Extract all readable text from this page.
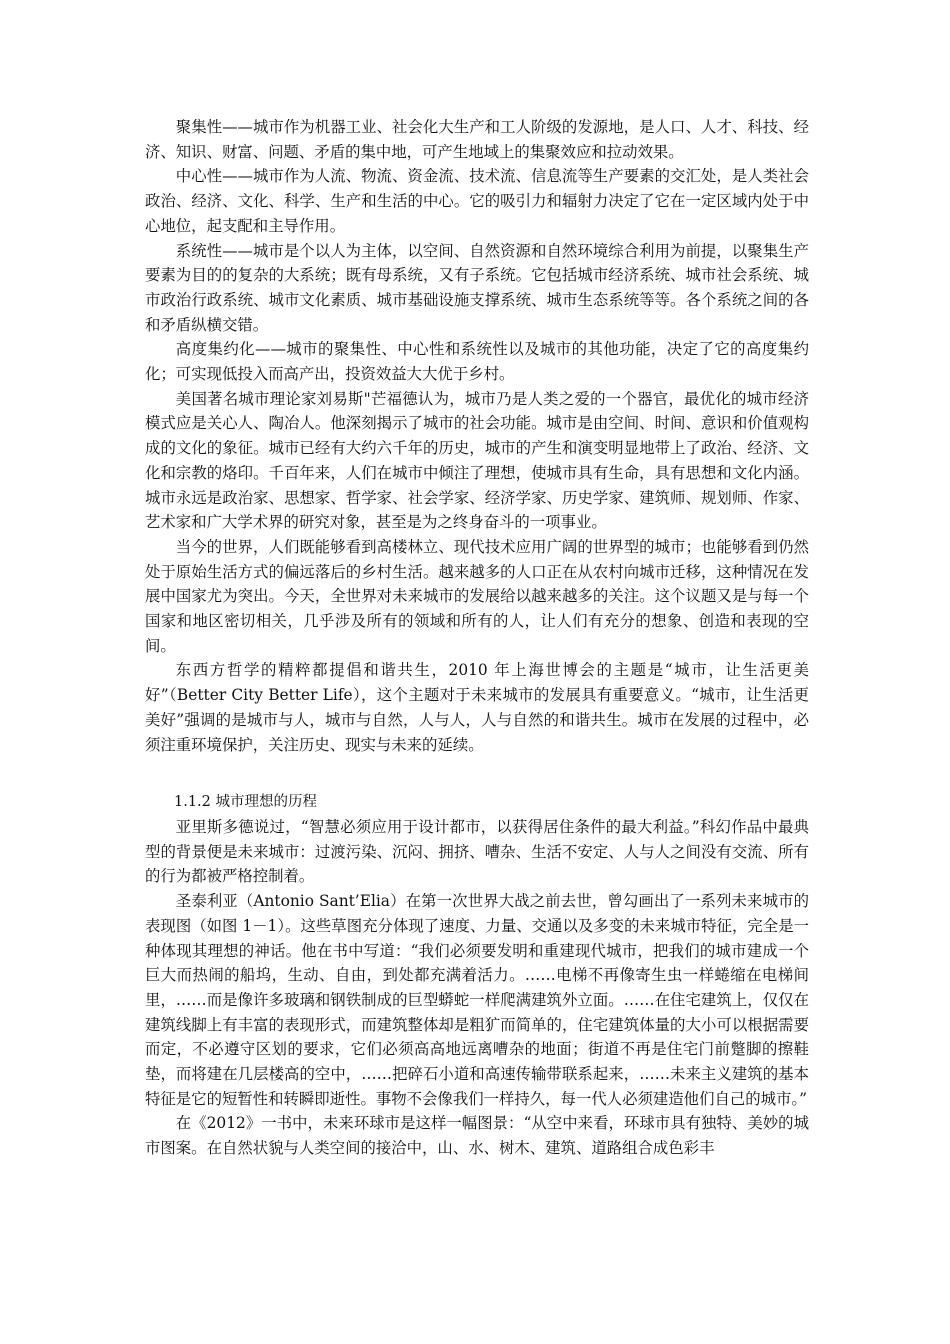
聚集性——城市作为机器工业、社会化大生产和工人阶级的发源地，是人口、人才、科技、经济、知识、财富、问题、矛盾的集中地，可产生地域上的集聚效应和拉动效果。

中心性——城市作为人流、物流、资金流、技术流、信息流等生产要素的交汇处，是人类社会政治、经济、文化、科学、生产和生活的中心。它的吸引力和辐射力决定了它在一定区域内处于中心地位，起支配和主导作用。

系统性——城市是个以人为主体，以空间、自然资源和自然环境综合利用为前提，以聚集生产要素为目的的复杂的大系统；既有母系统，又有子系统。它包括城市经济系统、城市社会系统、城市政治行政系统、城市文化素质、城市基础设施支撑系统、城市生态系统等等。各个系统之间的各和矛盾纵横交错。

高度集约化——城市的聚集性、中心性和系统性以及城市的其他功能，决定了它的高度集约化；可实现低投入而高产出，投资效益大大优于乡村。

美国著名城市理论家刘易斯"芒福德认为，城市乃是人类之爱的一个器官，最优化的城市经济模式应是关心人、陶冶人。他深刻揭示了城市的社会功能。城市是由空间、时间、意识和价值观构成的文化的象征。城市已经有大约六千年的历史，城市的产生和演变明显地带上了政治、经济、文化和宗教的烙印。千百年来，人们在城市中倾注了理想，使城市具有生命，具有思想和文化内涵。城市永远是政治家、思想家、哲学家、社会学家、经济学家、历史学家、建筑师、规划师、作家、艺术家和广大学术界的研究对象，甚至是为之终身奋斗的一项事业。

当今的世界，人们既能够看到高楼林立、现代技术应用广阔的世界型的城市；也能够看到仍然处于原始生活方式的偏远落后的乡村生活。越来越多的人口正在从农村向城市迁移，这种情况在发展中国家尤为突出。今天，全世界对未来城市的发展给以越来越多的关注。这个议题又是与每一个国家和地区密切相关，几乎涉及所有的领域和所有的人，让人们有充分的想象、创造和表现的空间。

东西方哲学的精粹都提倡和谐共生，2010 年上海世博会的主题是“城市，让生活更美好”（Better City Better Life），这个主题对于未来城市的发展具有重要意义。“城市，让生活更美好”强调的是城市与人，城市与自然，人与人，人与自然的和谐共生。城市在发展的过程中，必须注重环境保护，关注历史、现实与未来的延续。

1.1.2 城市理想的历程

亚里斯多德说过，“智慧必须应用于设计都市，以获得居住条件的最大利益。”科幻作品中最典型的背景便是未来城市：过渡污染、沉闷、拥挤、嘈杂、生活不安定、人与人之间没有交流、所有的行为都被严格控制着。

圣泰利亚（Antonio Sant’Elia）在第一次世界大战之前去世，曾勾画出了一系列未来城市的表现图（如图 1－1）。这些草图充分体现了速度、力量、交通以及多变的未来城市特征，完全是一种体现其理想的神话。他在书中写道：“我们必须要发明和重建现代城市，把我们的城市建成一个巨大而热闹的船坞，生动、自由，到处都充满着活力。……电梯不再像寄生虫一样蜷缩在电梯间里，……而是像许多玻璃和钢铁制成的巨型蟒蛇一样爬满建筑外立面。……在住宅建筑上，仅仅在建筑线脚上有丰富的表现形式，而建筑整体却是粗犷而简单的，住宅建筑体量的大小可以根据需要而定，不必遵守区划的要求，它们必须高高地远离嘈杂的地面；街道不再是住宅门前蹩脚的擦鞋垫，而将建在几层楼高的空中，……把碎石小道和高速传输带联系起来，……未来主义建筑的基本特征是它的短暂性和转瞬即逝性。事物不会像我们一样持久，每一代人必须建造他们自己的城市。”

在《2012》一书中，未来环球市是这样一幅图景：“从空中来看，环球市具有独特、美妙的城市图案。在自然状貌与人类空间的接洽中，山、水、树木、建筑、道路组合成色彩丰
